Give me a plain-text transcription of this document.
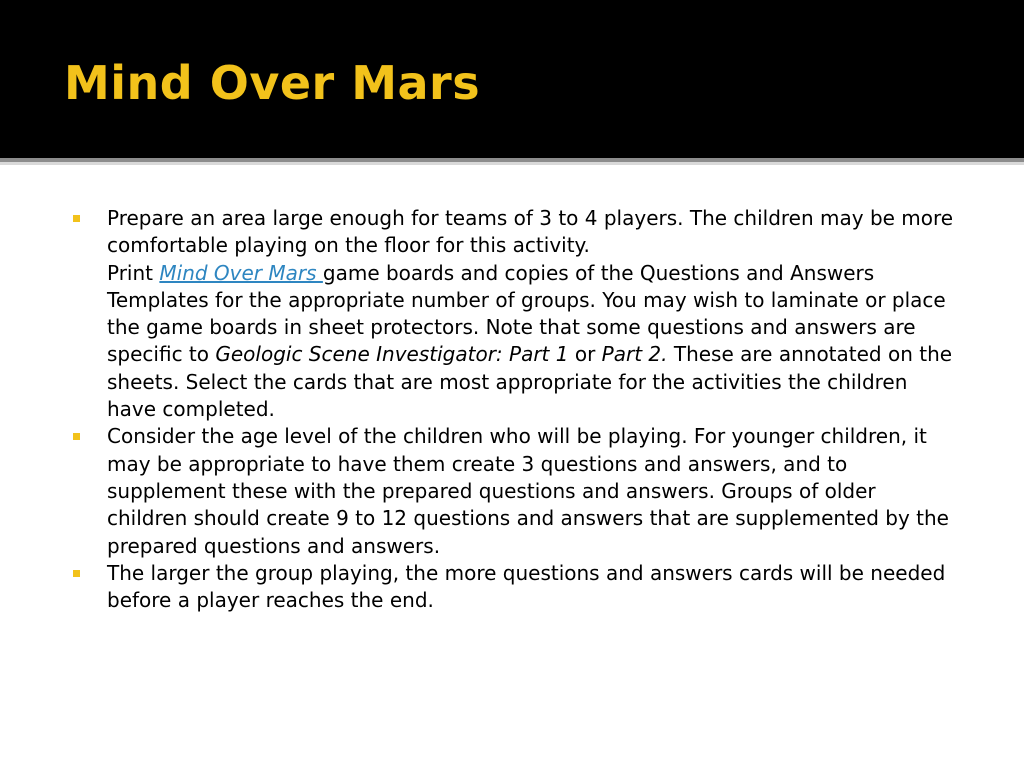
Mind Over Mars
Prepare an area large enough for teams of 3 to 4 players. The children may be more comfortable playing on the floor for this activity.
Print Mind Over Mars game boards and copies of the Questions and Answers Templates for the appropriate number of groups. You may wish to laminate or place the game boards in sheet protectors. Note that some questions and answers are specific to Geologic Scene Investigator: Part 1 or Part 2. These are annotated on the sheets. Select the cards that are most appropriate for the activities the children have completed.
Consider the age level of the children who will be playing. For younger children, it may be appropriate to have them create 3 questions and answers, and to supplement these with the prepared questions and answers. Groups of older children should create 9 to 12 questions and answers that are supplemented by the prepared questions and answers.
The larger the group playing, the more questions and answers cards will be needed before a player reaches the end.
